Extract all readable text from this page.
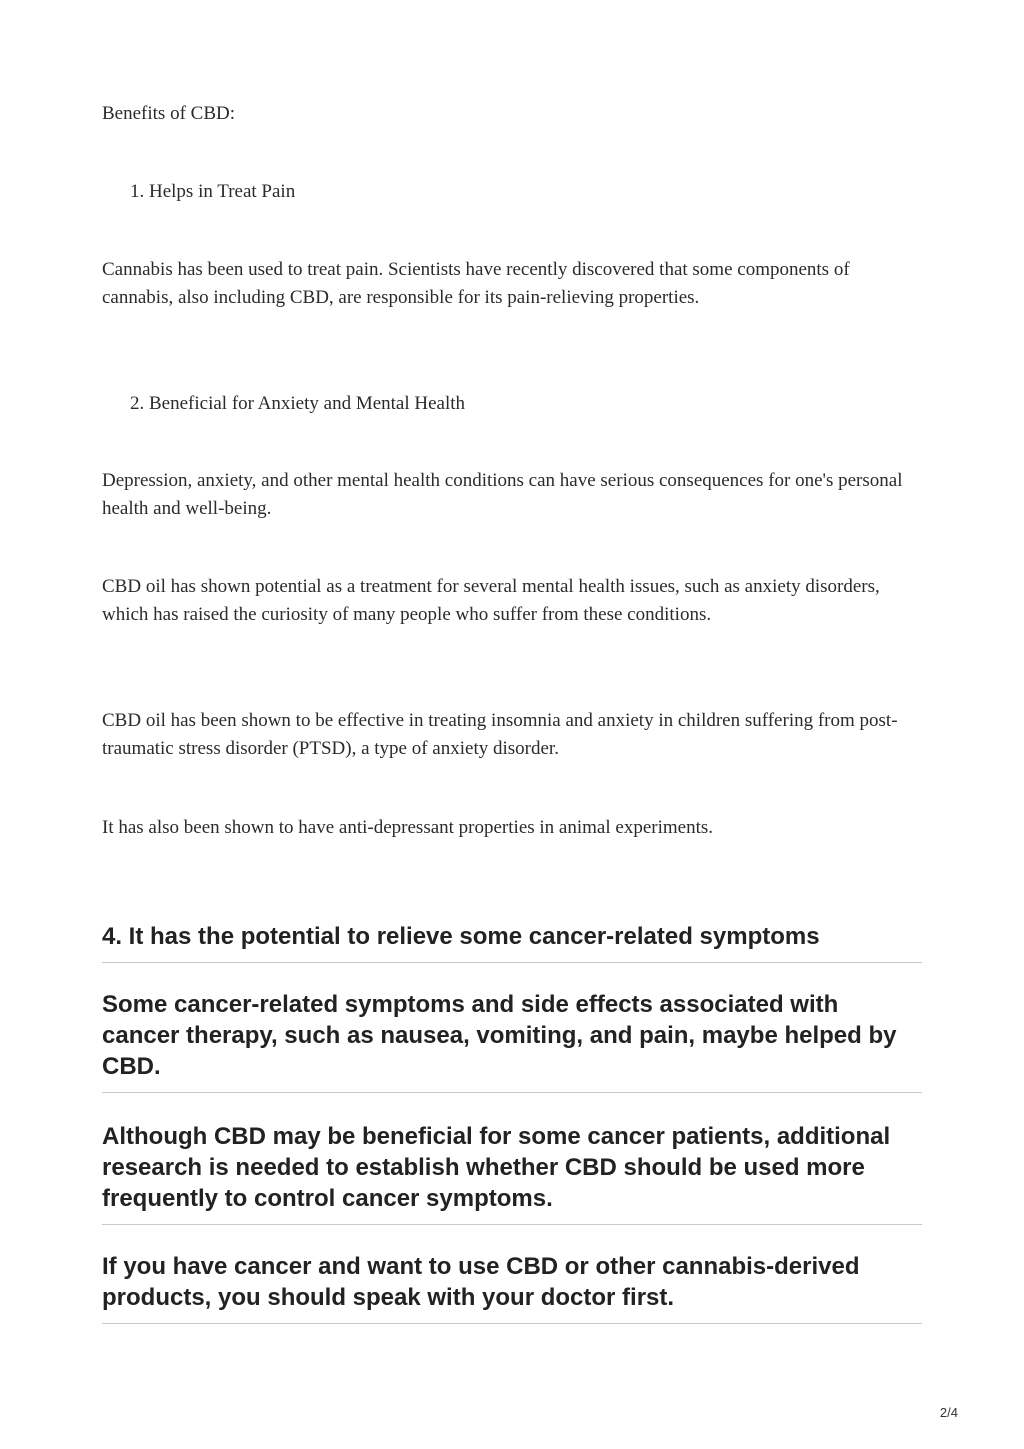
Benefits of CBD:

1. Helps in Treat Pain

Cannabis has been used to treat pain. Scientists have recently discovered that some components of cannabis, also including CBD, are responsible for its pain-relieving properties.

2. Beneficial for Anxiety and Mental Health

Depression, anxiety, and other mental health conditions can have serious consequences for one's personal health and well-being.

CBD oil has shown potential as a treatment for several mental health issues, such as anxiety disorders, which has raised the curiosity of many people who suffer from these conditions.

CBD oil has been shown to be effective in treating insomnia and anxiety in children suffering from post-traumatic stress disorder (PTSD), a type of anxiety disorder.

It has also been shown to have anti-depressant properties in animal experiments.

4. It has the potential to relieve some cancer-related symptoms
Some cancer-related symptoms and side effects associated with cancer therapy, such as nausea, vomiting, and pain, maybe helped by CBD.
Although CBD may be beneficial for some cancer patients, additional research is needed to establish whether CBD should be used more frequently to control cancer symptoms.
If you have cancer and want to use CBD or other cannabis-derived products, you should speak with your doctor first.
2/4
